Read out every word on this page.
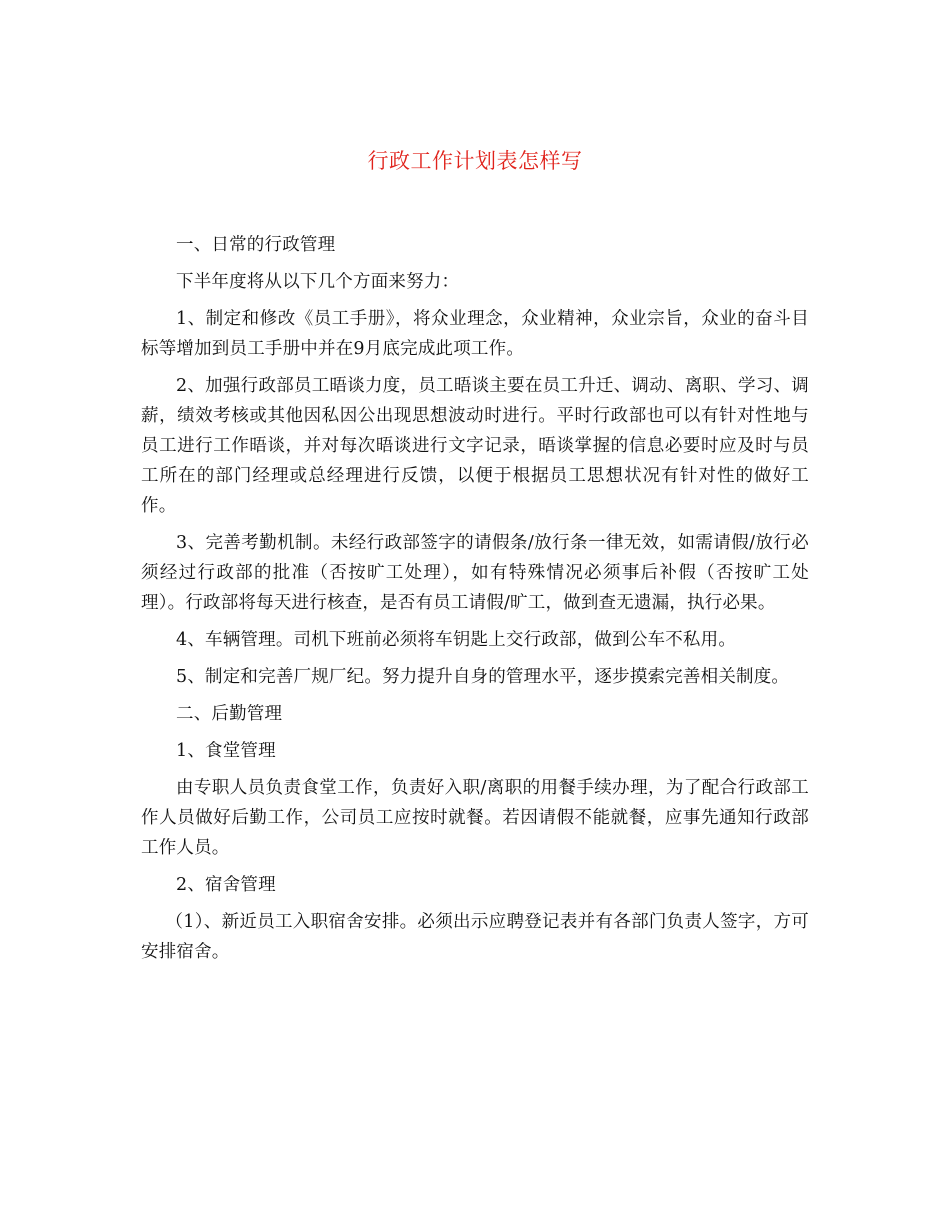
行政工作计划表怎样写

一、日常的行政管理

下半年度将从以下几个方面来努力：

1、制定和修改《员工手册》，将众业理念，众业精神，众业宗旨，众业的奋斗目标等增加到员工手册中并在9月底完成此项工作。

2、加强行政部员工晤谈力度，员工晤谈主要在员工升迁、调动、离职、学习、调薪，绩效考核或其他因私因公出现思想波动时进行。平时行政部也可以有针对性地与员工进行工作晤谈，并对每次晤谈进行文字记录，晤谈掌握的信息必要时应及时与员工所在的部门经理或总经理进行反馈，以便于根据员工思想状况有针对性的做好工作。

3、完善考勤机制。未经行政部签字的请假条/放行条一律无效，如需请假/放行必须经过行政部的批准（否按旷工处理），如有特殊情况必须事后补假（否按旷工处理）。行政部将每天进行核查，是否有员工请假/旷工，做到查无遗漏，执行必果。

4、车辆管理。司机下班前必须将车钥匙上交行政部，做到公车不私用。

5、制定和完善厂规厂纪。努力提升自身的管理水平，逐步摸索完善相关制度。

二、后勤管理

1、食堂管理

由专职人员负责食堂工作，负责好入职/离职的用餐手续办理，为了配合行政部工作人员做好后勤工作，公司员工应按时就餐。若因请假不能就餐，应事先通知行政部工作人员。

2、宿舍管理

（1）、新近员工入职宿舍安排。必须出示应聘登记表并有各部门负责人签字，方可安排宿舍。
